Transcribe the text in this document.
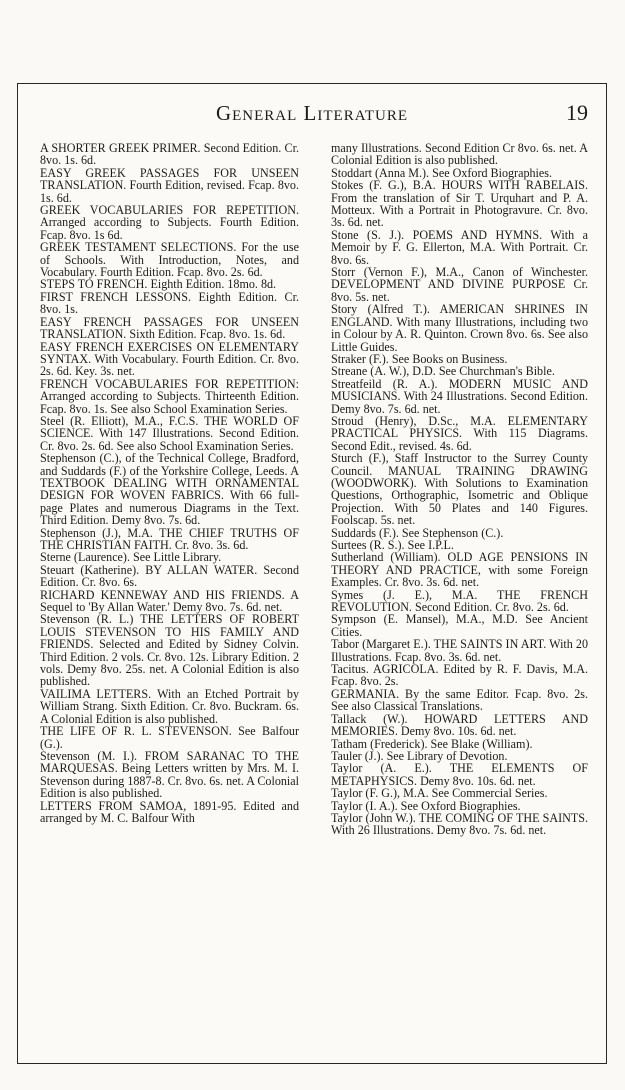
General Literature	19

A SHORTER GREEK PRIMER. Second Edition. Cr. 8vo. 1s. 6d.

EASY GREEK PASSAGES FOR UNSEEN TRANSLATION. Fourth Edition, revised. Fcap. 8vo. 1s. 6d.

GREEK VOCABULARIES FOR REPETITION. Arranged according to Subjects. Fourth Edition. Fcap. 8vo. 1s 6d.

GREEK TESTAMENT SELECTIONS. For the use of Schools. With Introduction, Notes, and Vocabulary. Fourth Edition. Fcap. 8vo. 2s. 6d.

STEPS TO FRENCH. Eighth Edition. 18mo. 8d.

FIRST FRENCH LESSONS. Eighth Edition. Cr. 8vo. 1s.

EASY FRENCH PASSAGES FOR UNSEEN TRANSLATION. Sixth Edition. Fcap. 8vo. 1s. 6d.

EASY FRENCH EXERCISES ON ELEMENTARY SYNTAX. With Vocabulary. Fourth Edition. Cr. 8vo. 2s. 6d. Key. 3s. net.

FRENCH VOCABULARIES FOR REPETITION: Arranged according to Subjects. Thirteenth Edition. Fcap. 8vo. 1s. See also School Examination Series.

Steel (R. Elliott), M.A., F.C.S. THE WORLD OF SCIENCE. With 147 Illustrations. Second Edition. Cr. 8vo. 2s. 6d. See also School Examination Series.

Stephenson (C.), of the Technical College, Bradford, and Suddards (F.) of the Yorkshire College, Leeds. A TEXTBOOK DEALING WITH ORNAMENTAL DESIGN FOR WOVEN FABRICS. With 66 full-page Plates and numerous Diagrams in the Text. Third Edition. Demy 8vo. 7s. 6d.

Stephenson (J.), M.A. THE CHIEF TRUTHS OF THE CHRISTIAN FAITH. Cr. 8vo. 3s. 6d.

Sterne (Laurence). See Little Library.

Steuart (Katherine). BY ALLAN WATER. Second Edition. Cr. 8vo. 6s.

RICHARD KENNEWAY AND HIS FRIENDS. A Sequel to 'By Allan Water.' Demy 8vo. 7s. 6d. net.

Stevenson (R. L.) THE LETTERS OF ROBERT LOUIS STEVENSON TO HIS FAMILY AND FRIENDS. Selected and Edited by Sidney Colvin. Third Edition. 2 vols. Cr. 8vo. 12s. Library Edition. 2 vols. Demy 8vo. 25s. net. A Colonial Edition is also published.

VAILIMA LETTERS. With an Etched Portrait by William Strang. Sixth Edition. Cr. 8vo. Buckram. 6s. A Colonial Edition is also published.

THE LIFE OF R. L. STEVENSON. See Balfour (G.).

Stevenson (M. I.). FROM SARANAC TO THE MARQUESAS. Being Letters written by Mrs. M. I. Stevenson during 1887-8. Cr. 8vo. 6s. net. A Colonial Edition is also published.

LETTERS FROM SAMOA, 1891-95. Edited and arranged by M. C. Balfour With

many Illustrations. Second Edition Cr 8vo. 6s. net. A Colonial Edition is also published.

Stoddart (Anna M.). See Oxford Biographies.

Stokes (F. G.), B.A. HOURS WITH RABELAIS. From the translation of Sir T. Urquhart and P. A. Motteux. With a Portrait in Photogravure. Cr. 8vo. 3s. 6d. net.

Stone (S. J.). POEMS AND HYMNS. With a Memoir by F. G. Ellerton, M.A. With Portrait. Cr. 8vo. 6s.

Storr (Vernon F.), M.A., Canon of Winchester. DEVELOPMENT AND DIVINE PURPOSE Cr. 8vo. 5s. net.

Story (Alfred T.). AMERICAN SHRINES IN ENGLAND. With many Illustrations, including two in Colour by A. R. Quinton. Crown 8vo. 6s. See also Little Guides.

Straker (F.). See Books on Business.

Streane (A. W.), D.D. See Churchman's Bible.

Streatfeild (R. A.). MODERN MUSIC AND MUSICIANS. With 24 Illustrations. Second Edition. Demy 8vo. 7s. 6d. net.

Stroud (Henry), D.Sc., M.A. ELEMENTARY PRACTICAL PHYSICS. With 115 Diagrams. Second Edit., revised. 4s. 6d.

Sturch (F.), Staff Instructor to the Surrey County Council. MANUAL TRAINING DRAWING (WOODWORK). With Solutions to Examination Questions, Orthographic, Isometric and Oblique Projection. With 50 Plates and 140 Figures. Foolscap. 5s. net.

Suddards (F.). See Stephenson (C.).

Surtees (R. S.). See I.P.L.

Sutherland (William). OLD AGE PENSIONS IN THEORY AND PRACTICE, with some Foreign Examples. Cr. 8vo. 3s. 6d. net.

Symes (J. E.), M.A. THE FRENCH REVOLUTION. Second Edition. Cr. 8vo. 2s. 6d.

Sympson (E. Mansel), M.A., M.D. See Ancient Cities.

Tabor (Margaret E.). THE SAINTS IN ART. With 20 Illustrations. Fcap. 8vo. 3s. 6d. net.

Tacitus. AGRICOLA. Edited by R. F. Davis, M.A. Fcap. 8vo. 2s.

GERMANIA. By the same Editor. Fcap. 8vo. 2s. See also Classical Translations.

Tallack (W.). HOWARD LETTERS AND MEMORIES. Demy 8vo. 10s. 6d. net.

Tatham (Frederick). See Blake (William).

Tauler (J.). See Library of Devotion.

Taylor (A. E.). THE ELEMENTS OF METAPHYSICS. Demy 8vo. 10s. 6d. net.

Taylor (F. G.), M.A. See Commercial Series.

Taylor (I. A.). See Oxford Biographies.

Taylor (John W.). THE COMING OF THE SAINTS. With 26 Illustrations. Demy 8vo. 7s. 6d. net.
